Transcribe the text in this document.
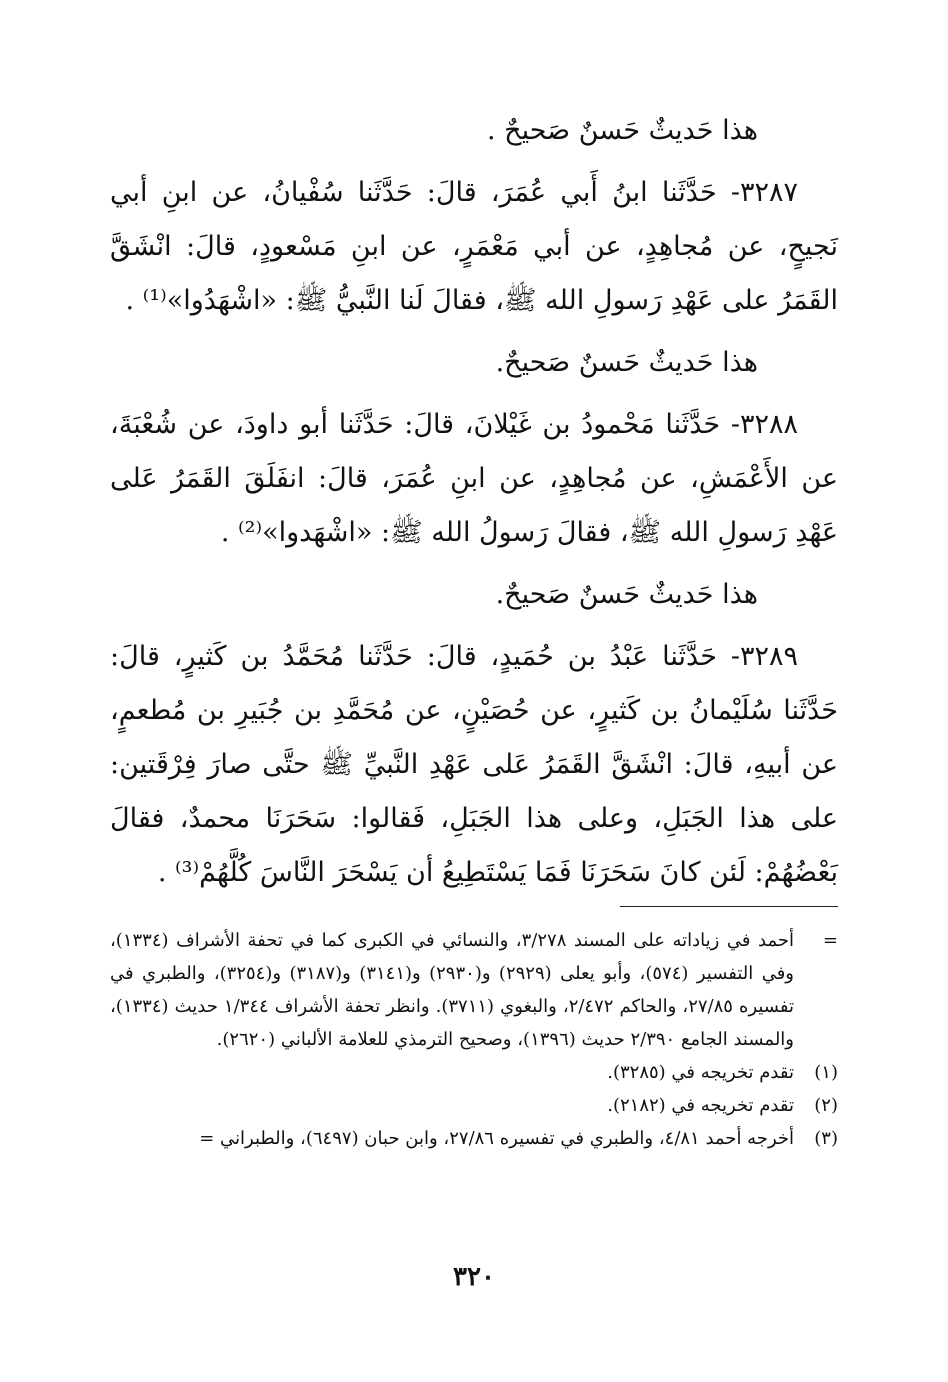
هذا حَديثٌ حَسنٌ صَحيحٌ .

٣٢٨٧- حَدَّثَنا ابنُ أَبي عُمَرَ، قالَ: حَدَّثَنا سُفْيانُ، عن ابنِ أبي نَجيحٍ، عن مُجاهِدٍ، عن أبي مَعْمَرٍ، عن ابنِ مَسْعودٍ، قالَ: انْشَقَّ القَمَرُ على عَهْدِ رَسولِ الله ﷺ، فقالَ لَنا النَّبيُّ ﷺ: «اشْهَدُوا»⁽¹⁾ .

هذا حَديثٌ حَسنٌ صَحيحٌ.

٣٢٨٨- حَدَّثَنا مَحْمودُ بن غَيْلانَ، قالَ: حَدَّثَنا أبو داودَ، عن شُعْبَةَ، عن الأَعْمَشِ، عن مُجاهِدٍ، عن ابنِ عُمَرَ، قالَ: انفَلَقَ القَمَرُ عَلى عَهْدِ رَسولِ الله ﷺ، فقالَ رَسولُ الله ﷺ: «اشْهَدوا»⁽²⁾ .

هذا حَديثٌ حَسنٌ صَحيحٌ.

٣٢٨٩- حَدَّثَنا عَبْدُ بن حُمَيدٍ، قالَ: حَدَّثَنا مُحَمَّدُ بن كَثيرٍ، قالَ: حَدَّثَنا سُلَيْمانُ بن كَثيرٍ، عن حُصَيْنٍ، عن مُحَمَّدِ بن جُبَيرِ بن مُطعمٍ، عن أبيهِ، قالَ: انْشَقَّ القَمَرُ عَلى عَهْدِ النَّبيِّ ﷺ حتَّى صارَ فِرْقَتين: على هذا الجَبَلِ، وعلى هذا الجَبَلِ، فَقالوا: سَحَرَنَا محمدٌ، فقالَ بَعْضُهُمْ: لَئن كانَ سَحَرَنَا فَمَا يَسْتَطِيعُ أن يَسْحَرَ النَّاسَ كُلَّهُمْ⁽³⁾ .

=
أحمد في زياداته على المسند ٣/٢٧٨، والنسائي في الكبرى كما في تحفة الأشراف (١٣٣٤)، وفي التفسير (٥٧٤)، وأبو يعلى (٢٩٢٩) و(٢٩٣٠) و(٣١٤١) و(٣١٨٧) و(٣٢٥٤)، والطبري في تفسيره ٢٧/٨٥، والحاكم ٢/٤٧٢، والبغوي (٣٧١١). وانظر تحفة الأشراف ١/٣٤٤ حديث (١٣٣٤)، والمسند الجامع ٢/٣٩٠ حديث (١٣٩٦)، وصحيح الترمذي للعلامة الألباني (٢٦٢٠).

(١)
تقدم تخريجه في (٣٢٨٥).

(٢)
تقدم تخريجه في (٢١٨٢).

(٣)
أخرجه أحمد ٤/٨١، والطبري في تفسيره ٢٧/٨٦، وابن حبان (٦٤٩٧)، والطبراني =

٣٢٠
